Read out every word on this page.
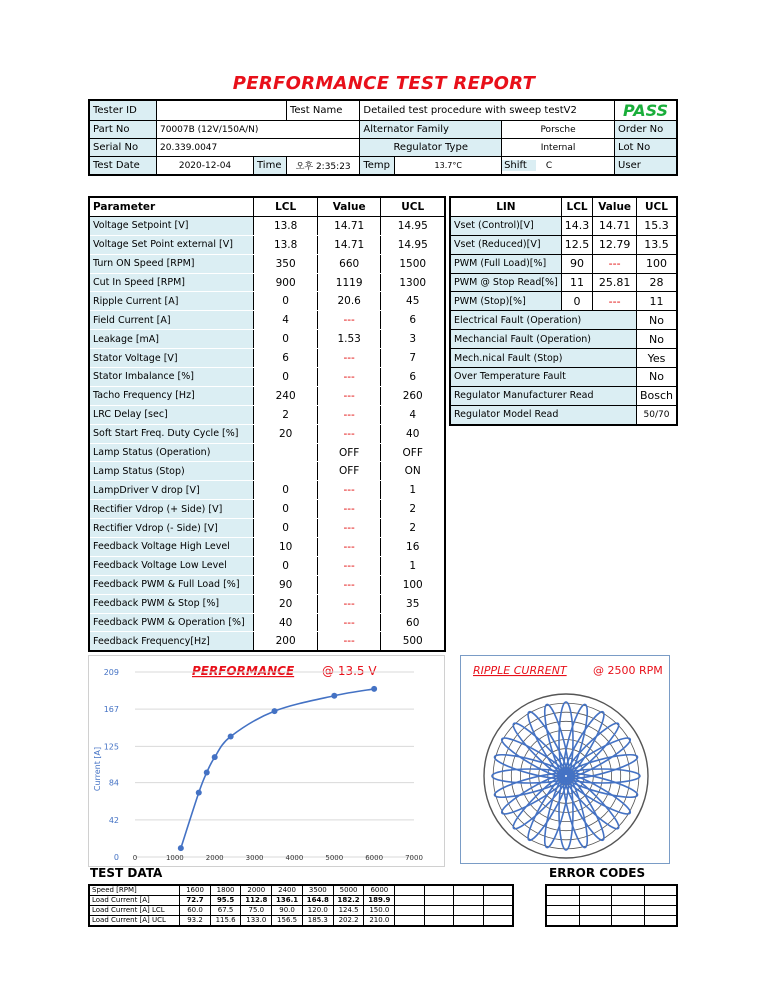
PERFORMANCE TEST REPORT
Tester ID			Test Name	Detailed test procedure with sweep testV2			PASS
Part No	70007B (12V/150A/N)			Alternator Family		Porsche	Order No
Serial No	20.339.0047			Regulator Type		Internal	Lot No
Test Date	2020-12-04	Time	오후 2:35:23	Temp	13.7°C	Shift C	User
Parameter	LCL	Value	UCL
Voltage Setpoint [V]	13.8	14.71	14.95
Voltage Set Point external [V]	13.8	14.71	14.95
Turn ON Speed [RPM]	350	660	1500
Cut In Speed [RPM]	900	1119	1300
Ripple Current [A]	0	20.6	45
Field Current [A]	4	---	6
Leakage [mA]	0	1.53	3
Stator Voltage [V]	6	---	7
Stator Imbalance [%]	0	---	6
Tacho Frequency [Hz]	240	---	260
LRC Delay [sec]	2	---	4
Soft Start Freq. Duty Cycle [%]	20	---	40
Lamp Status (Operation)		OFF	OFF
Lamp Status (Stop)		OFF	ON
LampDriver V drop [V]	0	---	1
Rectifier Vdrop (+ Side) [V]	0	---	2
Rectifier Vdrop (- Side) [V]	0	---	2
Feedback Voltage High Level	10	---	16
Feedback Voltage Low Level	0	---	1
Feedback PWM & Full Load [%]	90	---	100
Feedback PWM & Stop [%]	20	---	35
Feedback PWM & Operation [%]	40	---	60
Feedback Frequency[Hz]	200	---	500
LIN	LCL	Value	UCL
Vset (Control)[V]	14.3	14.71	15.3
Vset (Reduced)[V]	12.5	12.79	13.5
PWM (Full Load)[%]	90	---	100
PWM @ Stop Read[%]	11	25.81	28
PWM (Stop)[%]	0	---	11
Electrical Fault (Operation)			No
Mechancial Fault (Operation)			No
Mech.nical Fault (Stop)			Yes
Over Temperature Fault			No
Regulator Manufacturer Read			Bosch
Regulator Model Read			50/70
PERFORMANCE @ 13.5 V
Current [A]
0
42
84
125
167
209
0	1000	2000	3000	4000	5000	6000	7000
RIPPLE CURRENT @ 2500 RPM
TEST DATA	ERROR CODES
Speed [RPM]	1600	1800	2000	2400	3500	5000	6000				
Load Current [A]	72.7	95.5	112.8	136.1	164.8	182.2	189.9				
Load Current [A] LCL	60.0	67.5	75.0	90.0	120.0	124.5	150.0				
Load Current [A] UCL	93.2	115.6	133.0	156.5	185.3	202.2	210.0				
